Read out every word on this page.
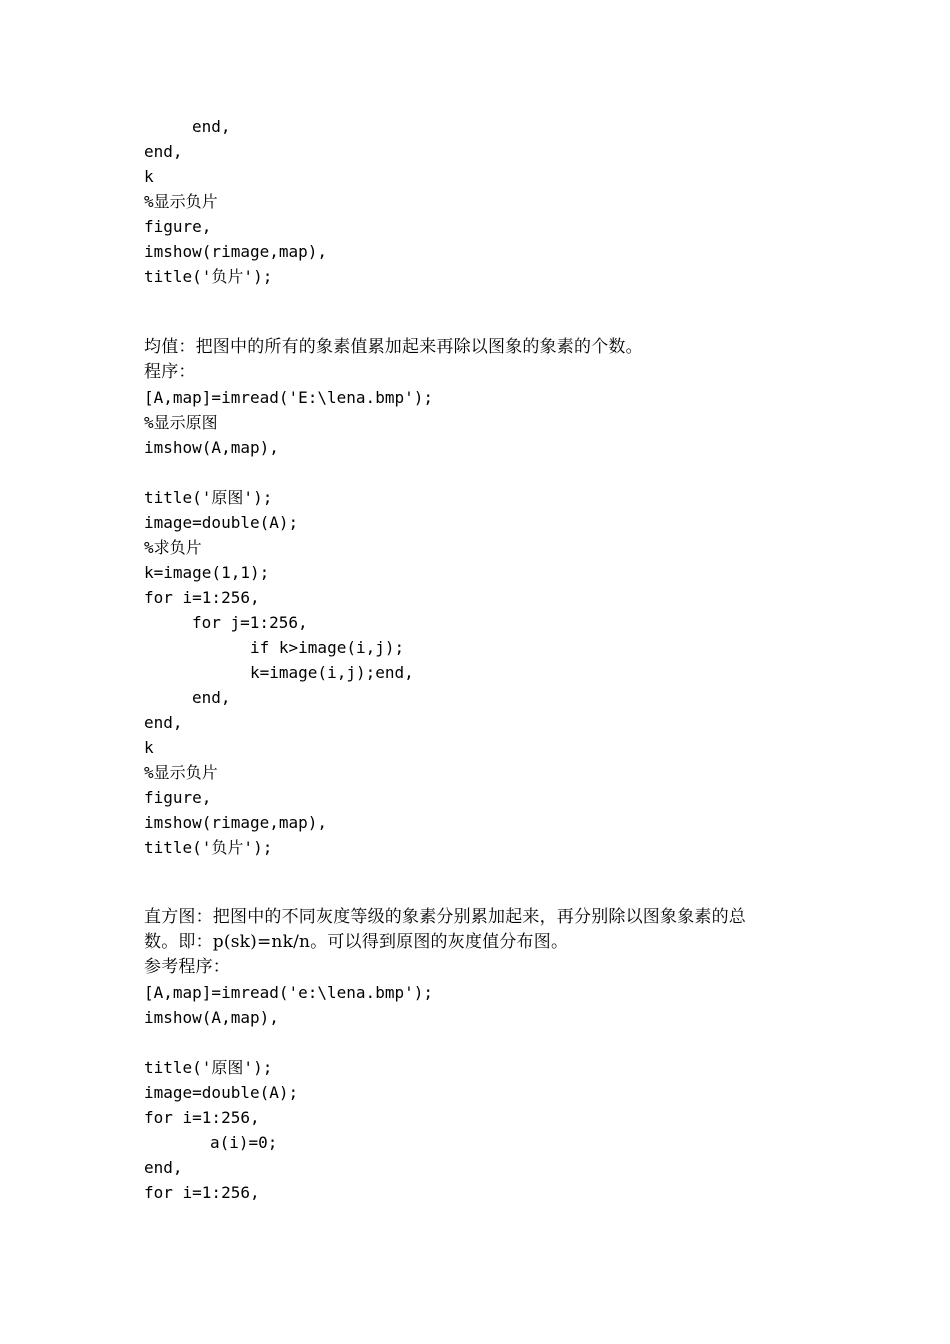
end,
end,
k
%显示负片
figure,
imshow(rimage,map),
title('负片');
均值：把图中的所有的象素值累加起来再除以图象的象素的个数。
程序：
[A,map]=imread('E:\lena.bmp');
%显示原图
imshow(A,map),
title('原图');
image=double(A);
%求负片
k=image(1,1);
for i=1:256,
for j=1:256,
if k>image(i,j);
k=image(i,j);end,
end,
end,
k
%显示负片
figure,
imshow(rimage,map),
title('负片');
直方图：把图中的不同灰度等级的象素分别累加起来，再分别除以图象象素的总
数。即：p(sk)=nk/n。可以得到原图的灰度值分布图。
参考程序：
[A,map]=imread('e:\lena.bmp');
imshow(A,map),
title('原图');
image=double(A);
for i=1:256,
a(i)=0;
end,
for i=1:256,
